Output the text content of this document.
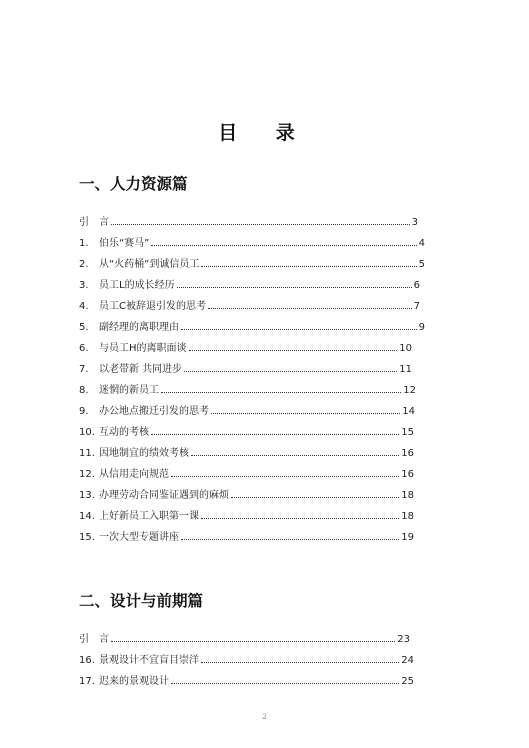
目 录
一、人力资源篇
引	言	3
1.	伯乐“赛马”	4
2.	从“火药桶”到诚信员工	5
3.	员工L的成长经历	6
4.	员工C被辞退引发的思考	7
5.	副经理的离职理由	9
6.	与员工H的离职面谈	10
7.	以老带新 共同进步	11
8.	迷惘的新员工	12
9.	办公地点搬迁引发的思考	14
10. 互动的考核	15
11. 因地制宜的绩效考核	16
12. 从信用走向规范	16
13. 办理劳动合同鉴证遇到的麻烦	18
14. 上好新员工入职第一课	18
15. 一次大型专题讲座	19
二、设计与前期篇
引	言	23
16. 景观设计不宜盲目崇洋	24
17. 迟来的景观设计	25
2
